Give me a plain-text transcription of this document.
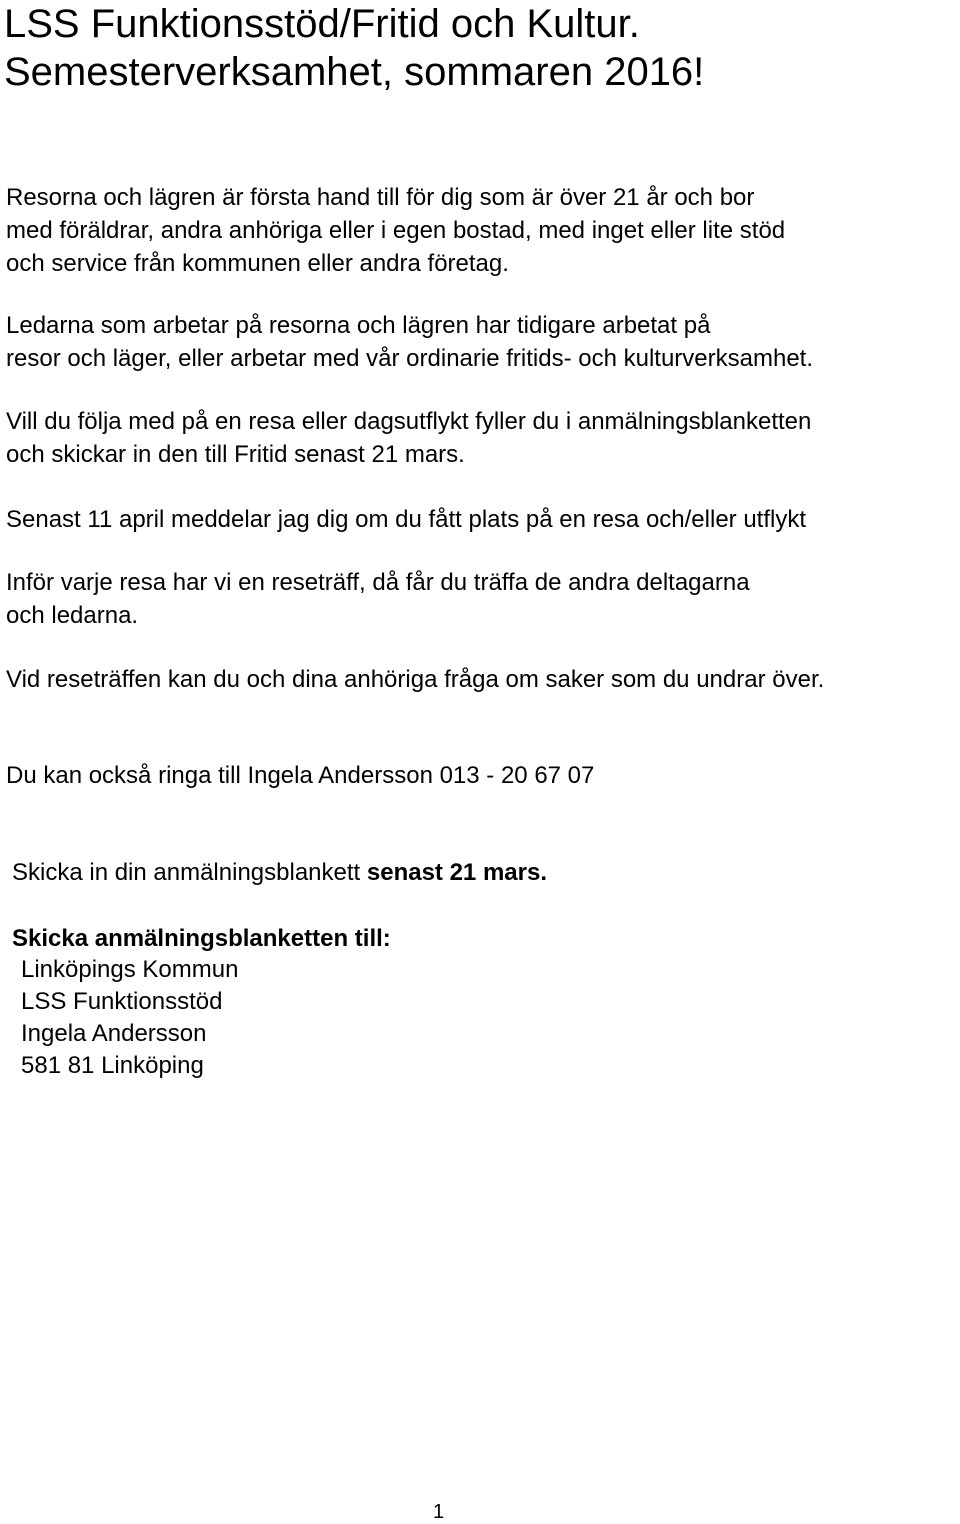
LSS Funktionsstöd/Fritid och Kultur.
Semesterverksamhet, sommaren 2016!

Resorna och lägren är första hand till för dig som är över 21 år och bor
med föräldrar, andra anhöriga eller i egen bostad, med inget eller lite stöd
och service från kommunen eller andra företag.

Ledarna som arbetar på resorna och lägren har tidigare arbetat på
resor och läger, eller arbetar med vår ordinarie fritids- och kulturverksamhet.

Vill du följa med på en resa eller dagsutflykt fyller du i anmälningsblanketten
och skickar in den till Fritid senast 21 mars.

Senast 11 april meddelar jag dig om du fått plats på en resa och/eller utflykt

Inför varje resa har vi en reseträff, då får du träffa de andra deltagarna
och ledarna.

Vid reseträffen kan du och dina anhöriga fråga om saker som du undrar över.

Du kan också ringa till Ingela Andersson 013 - 20 67 07

Skicka in din anmälningsblankett senast 21 mars.

Skicka anmälningsblanketten till:

Linköpings Kommun
LSS Funktionsstöd
Ingela Andersson
581 81 Linköping
1
